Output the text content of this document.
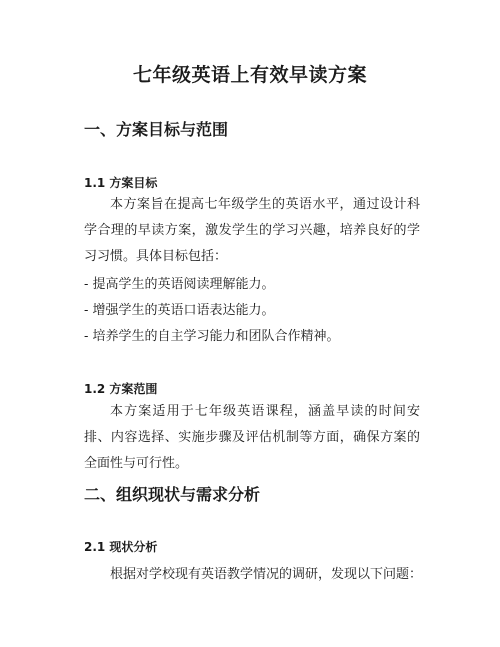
七年级英语上有效早读方案
一、方案目标与范围
1.1 方案目标
本方案旨在提高七年级学生的英语水平，通过设计科学合理的早读方案，激发学生的学习兴趣，培养良好的学习习惯。具体目标包括：
- 提高学生的英语阅读理解能力。
- 增强学生的英语口语表达能力。
- 培养学生的自主学习能力和团队合作精神。
1.2 方案范围
本方案适用于七年级英语课程，涵盖早读的时间安排、内容选择、实施步骤及评估机制等方面，确保方案的全面性与可行性。
二、组织现状与需求分析
2.1 现状分析
根据对学校现有英语教学情况的调研，发现以下问题：
